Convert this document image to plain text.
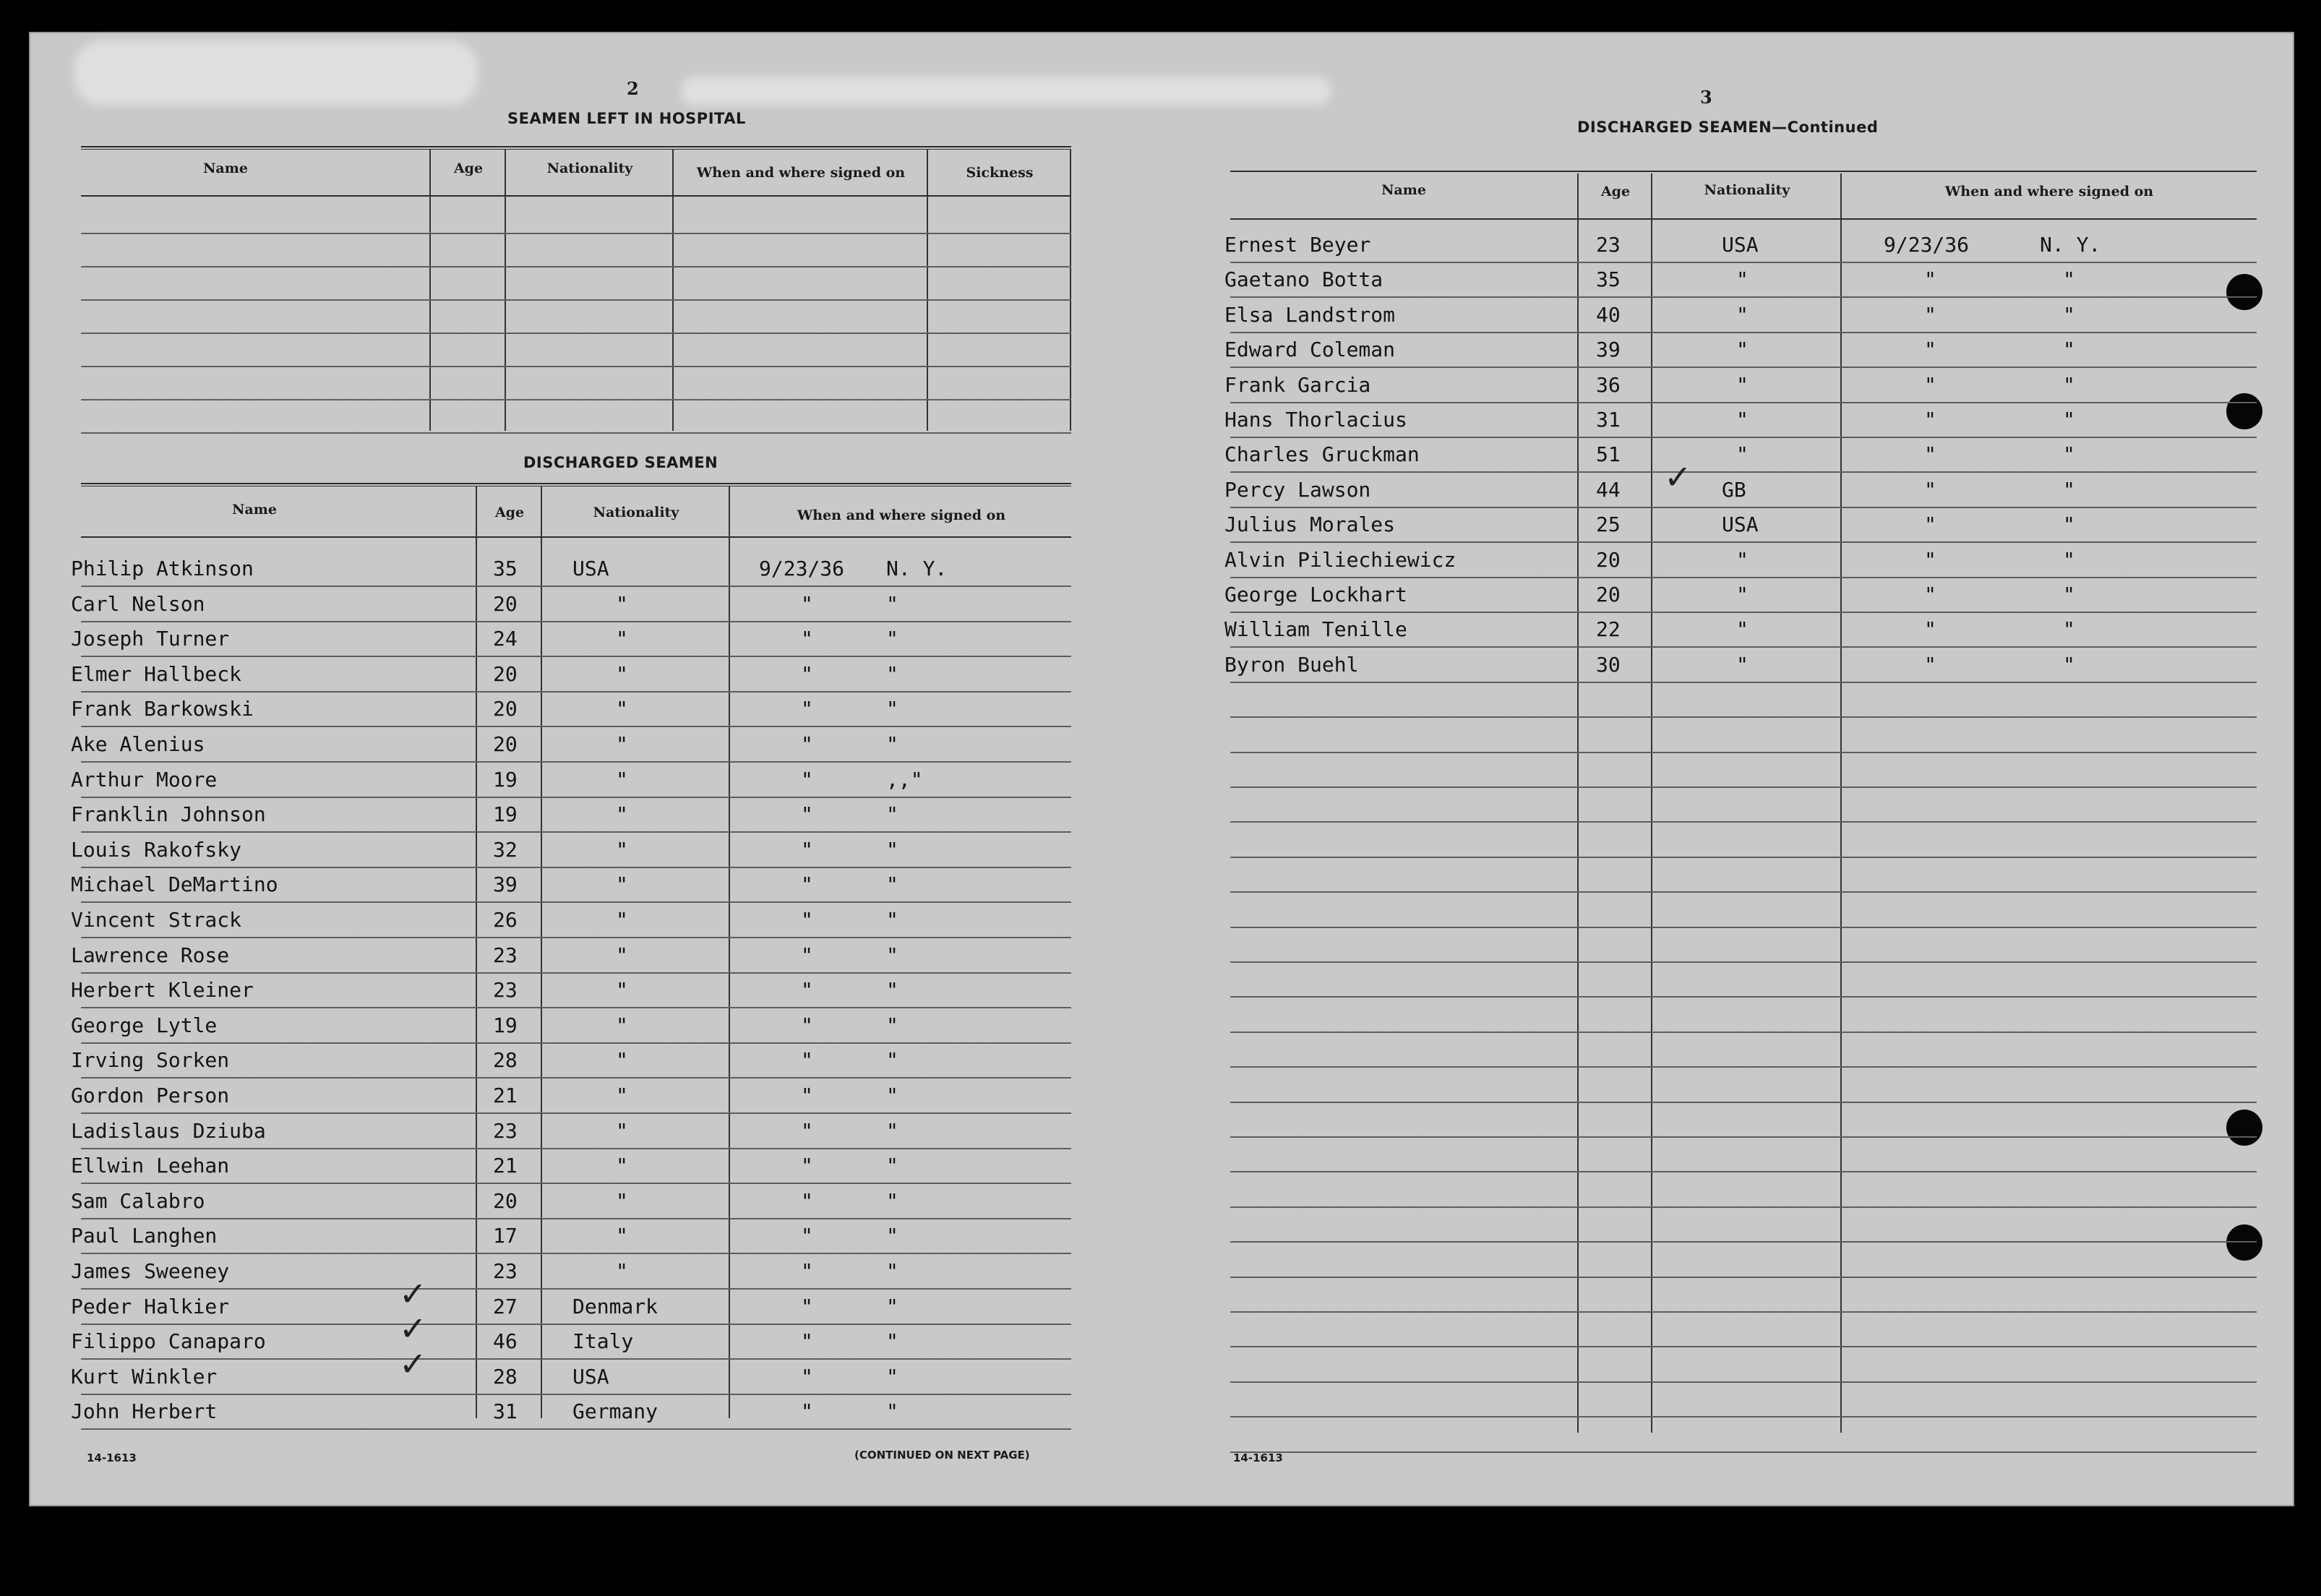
2
SEAMEN LEFT IN HOSPITAL
Name	Age	Nationality	When and where signed on	Sickness
DISCHARGED SEAMEN
Name	Age	Nationality	When and where signed on
Philip Atkinson	35	USA	9/23/36 N. Y.
Carl Nelson	20	"	"	"
Joseph Turner	24	"	"	"
Elmer Hallbeck	20	"	"	"
Frank Barkowski	20	"	"	"
Ake Alenius	20	"	"	"
Arthur Moore	19	"	"	,,"
Franklin Johnson	19	"	"	"
Louis Rakofsky	32	"	"	"
Michael DeMartino	39	"	"	"
Vincent Strack	26	"	"	"
Lawrence Rose	23	"	"	"
Herbert Kleiner	23	"	"	"
George Lytle	19	"	"	"
Irving Sorken	28	"	"	"
Gordon Person	21	"	"	"
Ladislaus Dziuba	23	"	"	"
Ellwin Leehan	21	"	"	"
Sam Calabro	20	"	"	"
Paul Langhen	17	"	"	"
James Sweeney	23	"	"	"
Peder Halkier	27	Denmark	"	"
✓
Filippo Canaparo	46	Italy	"	"
✓
Kurt Winkler	28	USA	"	"
✓
John Herbert	31	Germany	"	"
14-1613	(CONTINUED ON NEXT PAGE)
3
DISCHARGED SEAMEN—Continued
Name	Age	Nationality	When and where signed on
Ernest Beyer	23	USA	9/23/36	N. Y.
Gaetano Botta	35	"	"	"
Elsa Landstrom	40	"	"	"
Edward Coleman	39	"	"	"
Frank Garcia	36	"	"	"
Hans Thorlacius	31	"	"	"
Charles Gruckman	51	"	"	"
Percy Lawson	44	GB	"	"
✓
Julius Morales	25	USA	"	"
Alvin Piliechiewicz	20	"	"	"
George Lockhart	20	"	"	"
William Tenille	22	"	"	"
Byron Buehl	30	"	"	"
14-1613
